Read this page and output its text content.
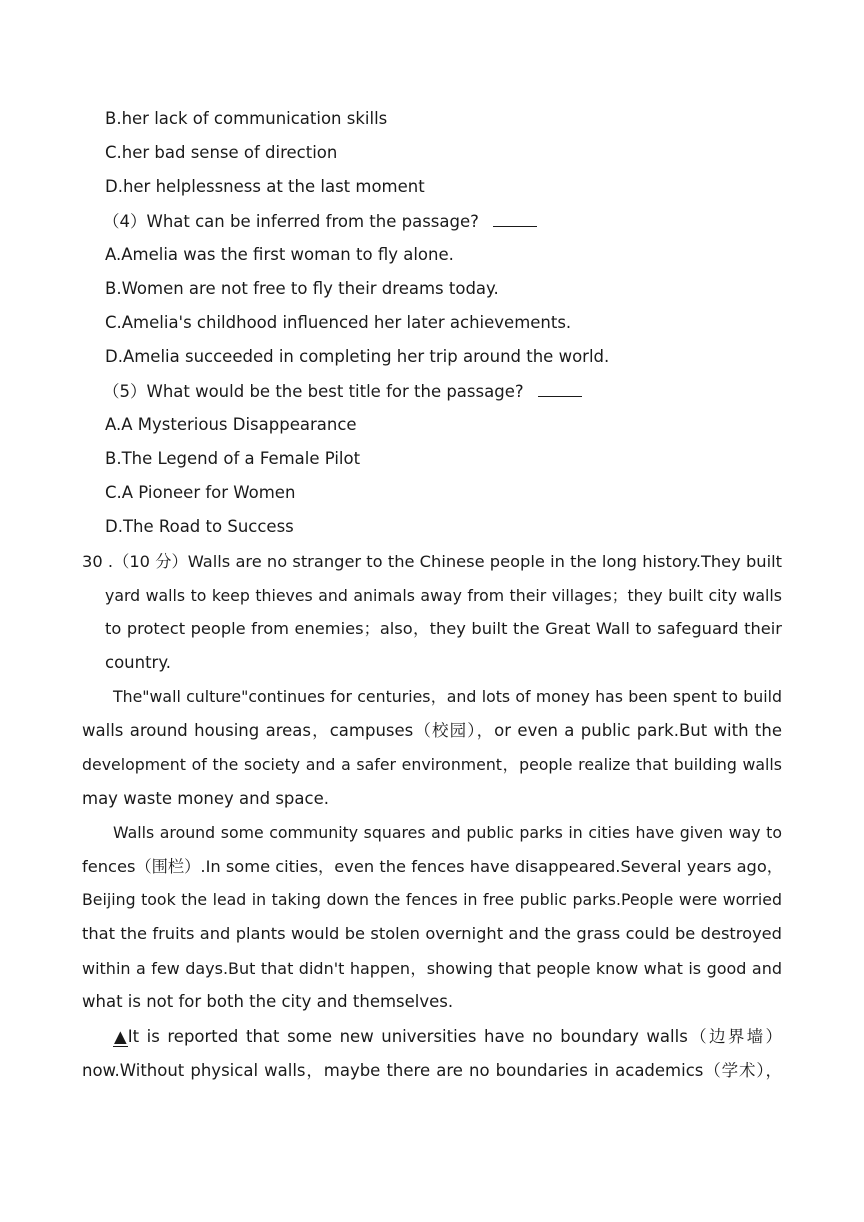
B.her lack of communication skills
C.her bad sense of direction
D.her helplessness at the last moment
（4）What can be inferred from the passage?
A.Amelia was the first woman to fly alone.
B.Women are not free to fly their dreams today.
C.Amelia's childhood influenced her later achievements.
D.Amelia succeeded in completing her trip around the world.
（5）What would be the best title for the passage?
A.A Mysterious Disappearance
B.The Legend of a Female Pilot
C.A Pioneer for Women
D.The Road to Success
30 .（10 分）Walls are no stranger to the Chinese people in the long history.They built
yard walls to keep thieves and animals away from their villages；they built city walls
to protect people from enemies；also，they built the Great Wall to safeguard their
country.
The"wall culture"continues for centuries，and lots of money has been spent to build
walls around housing areas，campuses（校园），or even a public park.But with the
development of the society and a safer environment，people realize that building walls
may waste money and space.
Walls around some community squares and public parks in cities have given way to
fences（围栏）.In some cities，even the fences have disappeared.Several years ago，
Beijing took the lead in taking down the fences in free public parks.People were worried
that the fruits and plants would be stolen overnight and the grass could be destroyed
within a few days.But that didn't happen，showing that people know what is good and
what is not for both the city and themselves.
▲It is reported that some new universities have no boundary walls（边界墙）
now.Without physical walls，maybe there are no boundaries in academics（学术），
